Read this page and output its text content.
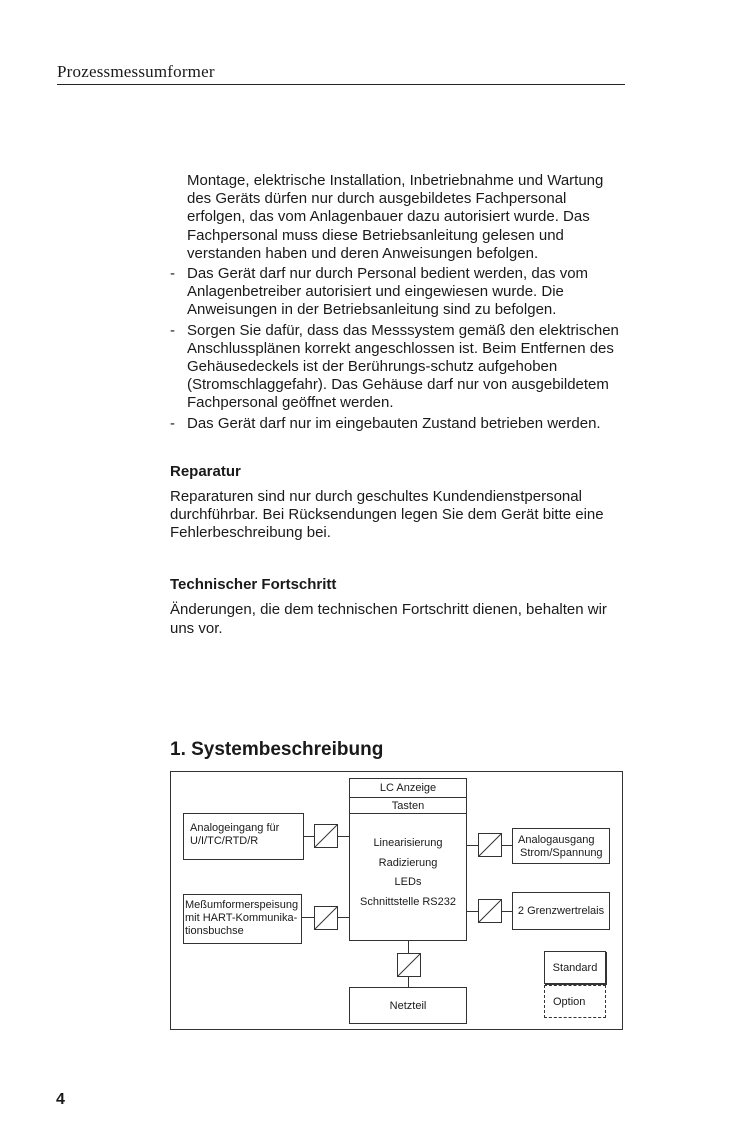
Prozessmessumformer

Montage, elektrische Installation, Inbetriebnahme und Wartung des Geräts dürfen nur durch ausgebildetes Fachpersonal erfolgen, das vom Anlagenbauer dazu autorisiert wurde. Das Fachpersonal muss diese Betriebsanleitung gelesen und verstanden haben und deren Anweisungen befolgen.

- Das Gerät darf nur durch Personal bedient werden, das vom Anlagenbetreiber autorisiert und eingewiesen wurde. Die Anweisungen in der Betriebsanleitung sind zu befolgen.
- Sorgen Sie dafür, dass das Messsystem gemäß den elektrischen Anschlussplänen korrekt angeschlossen ist. Beim Entfernen des Gehäusedeckels ist der Berührungs-schutz aufgehoben (Stromschlaggefahr). Das Gehäuse darf nur von ausgebildetem Fachpersonal geöffnet werden.
- Das Gerät darf nur im eingebauten Zustand betrieben werden.

Reparatur

Reparaturen sind nur durch geschultes Kundendienstpersonal durchführbar. Bei Rücksendungen legen Sie dem Gerät bitte eine Fehlerbeschreibung bei.

Technischer Fortschritt

Änderungen, die dem technischen Fortschritt dienen, behalten wir uns vor.

1. Systembeschreibung
LC Anzeige
Tasten
Linearisierung
Radizierung
LEDs
Schnittstelle RS232
Analogeingang für
U/I/TC/RTD/R
Meßumformerspeisung
mit HART-Kommunika-
tionsbuchse
Analogausgang
Strom/Spannung
2 Grenzwertrelais
Netzteil
Standard
Option
4
